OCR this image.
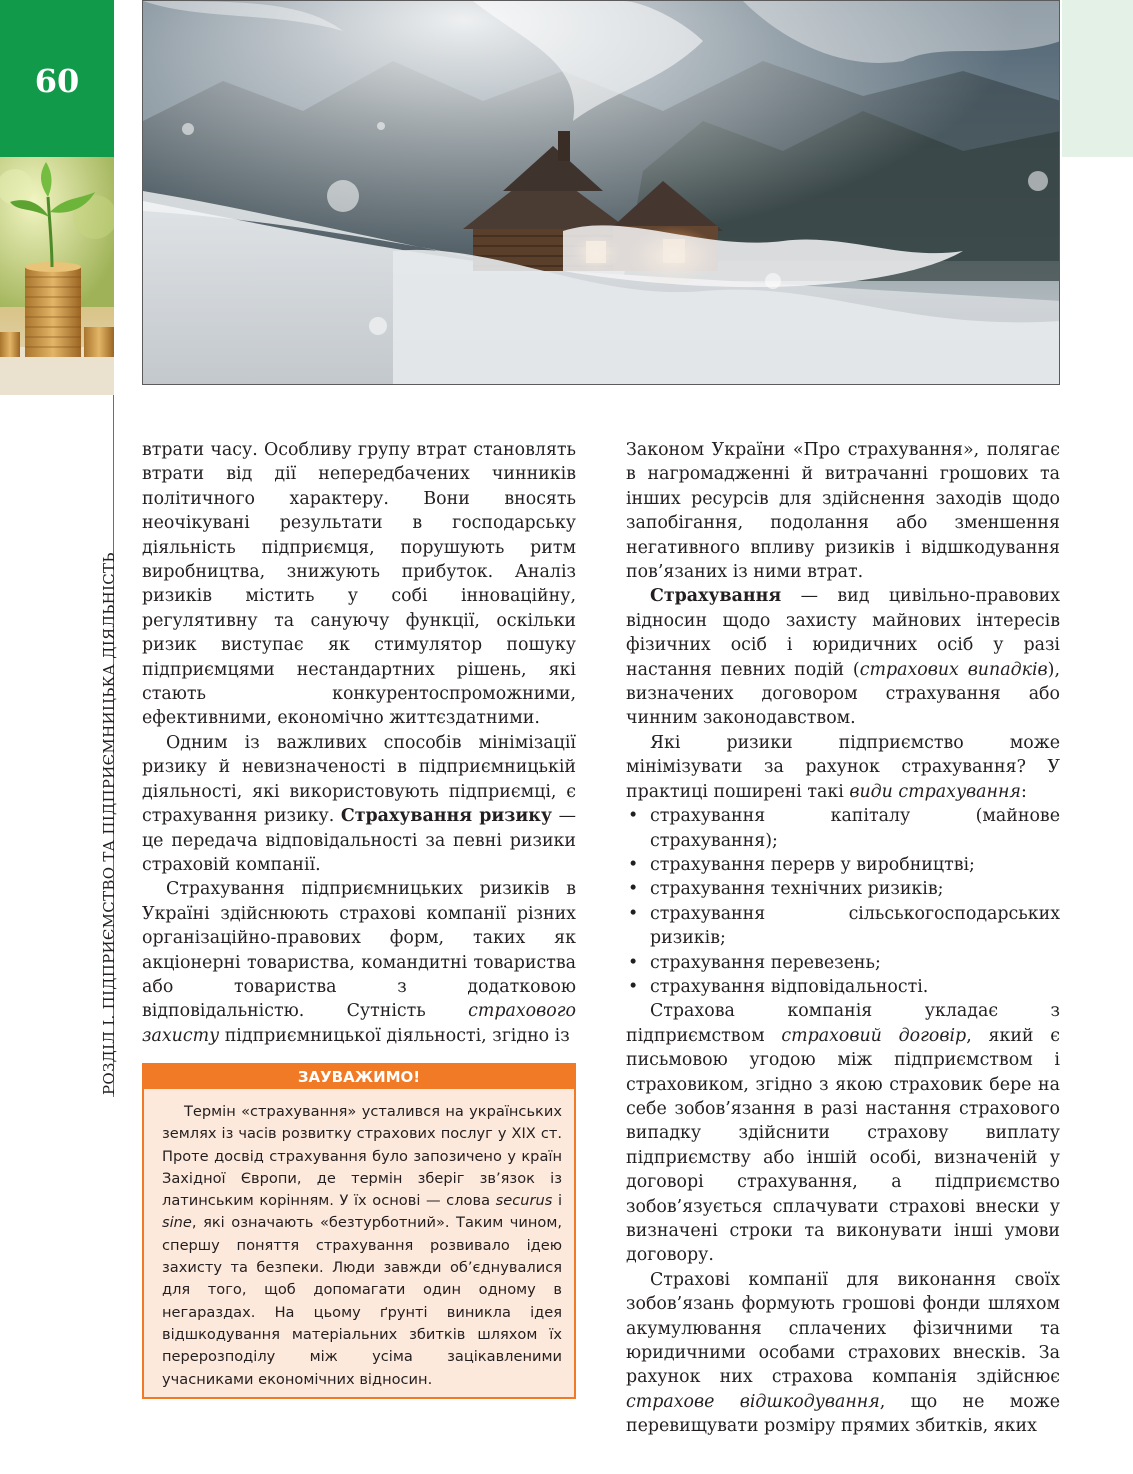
60
РОЗДІЛ I. ПІДПРИЄМСТВО ТА ПІДПРИЄМНИЦЬКА ДІЯЛЬНІСТЬ

втрати часу. Особливу групу втрат становлять втрати від дії непередбачених чинників політичного характеру. Вони вносять неочікувані результати в господарську діяльність підприємця, порушують ритм виробництва, знижують прибуток. Аналіз ризиків містить у собі інноваційну, регулятивну та сануючу функції, оскільки ризик виступає як стимулятор пошуку підприємцями нестандартних рішень, які стають конкурентоспроможними, ефективними, економічно життєздатними.

Одним із важливих способів мінімізації ризику й невизначеності в підприємницькій діяльності, які використовують підприємці, є страхування ризику. Страхування ризику — це передача відповідальності за певні ризики страховій компанії.

Страхування підприємницьких ризиків в Україні здійснюють страхові компанії різних організаційно-правових форм, таких як акціонерні товариства, командитні товариства або товариства з додатковою відповідальністю. Сутність страхового захисту підприємницької діяльності, згідно із

ЗАУВАЖИМО!

Термін «страхування» усталився на українських землях із часів розвитку страхових послуг у XIX ст. Проте досвід страхування було запозичено у країн Західної Європи, де термін зберіг зв’язок із латинським корінням. У їх основі — слова securus і sine, які означають «безтурботний». Таким чином, спершу поняття страхування розвивало ідею захисту та безпеки. Люди завжди об’єднувалися для того, щоб допомагати один одному в негараздах. На цьому ґрунті виникла ідея відшкодування матеріальних збитків шляхом їх перерозподілу між усіма зацікавленими учасниками економічних відносин.

Законом України «Про страхування», полягає в нагромадженні й витрачанні грошових та інших ресурсів для здійснення заходів щодо запобігання, подолання або зменшення негативного впливу ризиків і відшкодування пов’язаних із ними втрат.

Страхування — вид цивільно-правових відносин щодо захисту майнових інтересів фізичних осіб і юридичних осіб у разі настання певних подій (страхових випадків), визначених договором страхування або чинним законодавством.

Які ризики підприємство може мінімізувати за рахунок страхування? У практиці поширені такі види страхування:

• страхування капіталу (майнове страхування);
• страхування перерв у виробництві;
• страхування технічних ризиків;
• страхування сільськогосподарських ризиків;
• страхування перевезень;
• страхування відповідальності.

Страхова компанія укладає з підприємством страховий договір, який є письмовою угодою між підприємством і страховиком, згідно з якою страховик бере на себе зобов’язання в разі настання страхового випадку здійснити страхову виплату підприємству або іншій особі, визначеній у договорі страхування, а підприємство зобов’язується сплачувати страхові внески у визначені строки та виконувати інші умови договору.

Страхові компанії для виконання своїх зобов’язань формують грошові фонди шляхом акумулювання сплачених фізичними та юридичними особами страхових внесків. За рахунок них страхова компанія здійснює страхове відшкодування, що не може перевищувати розміру прямих збитків, яких
